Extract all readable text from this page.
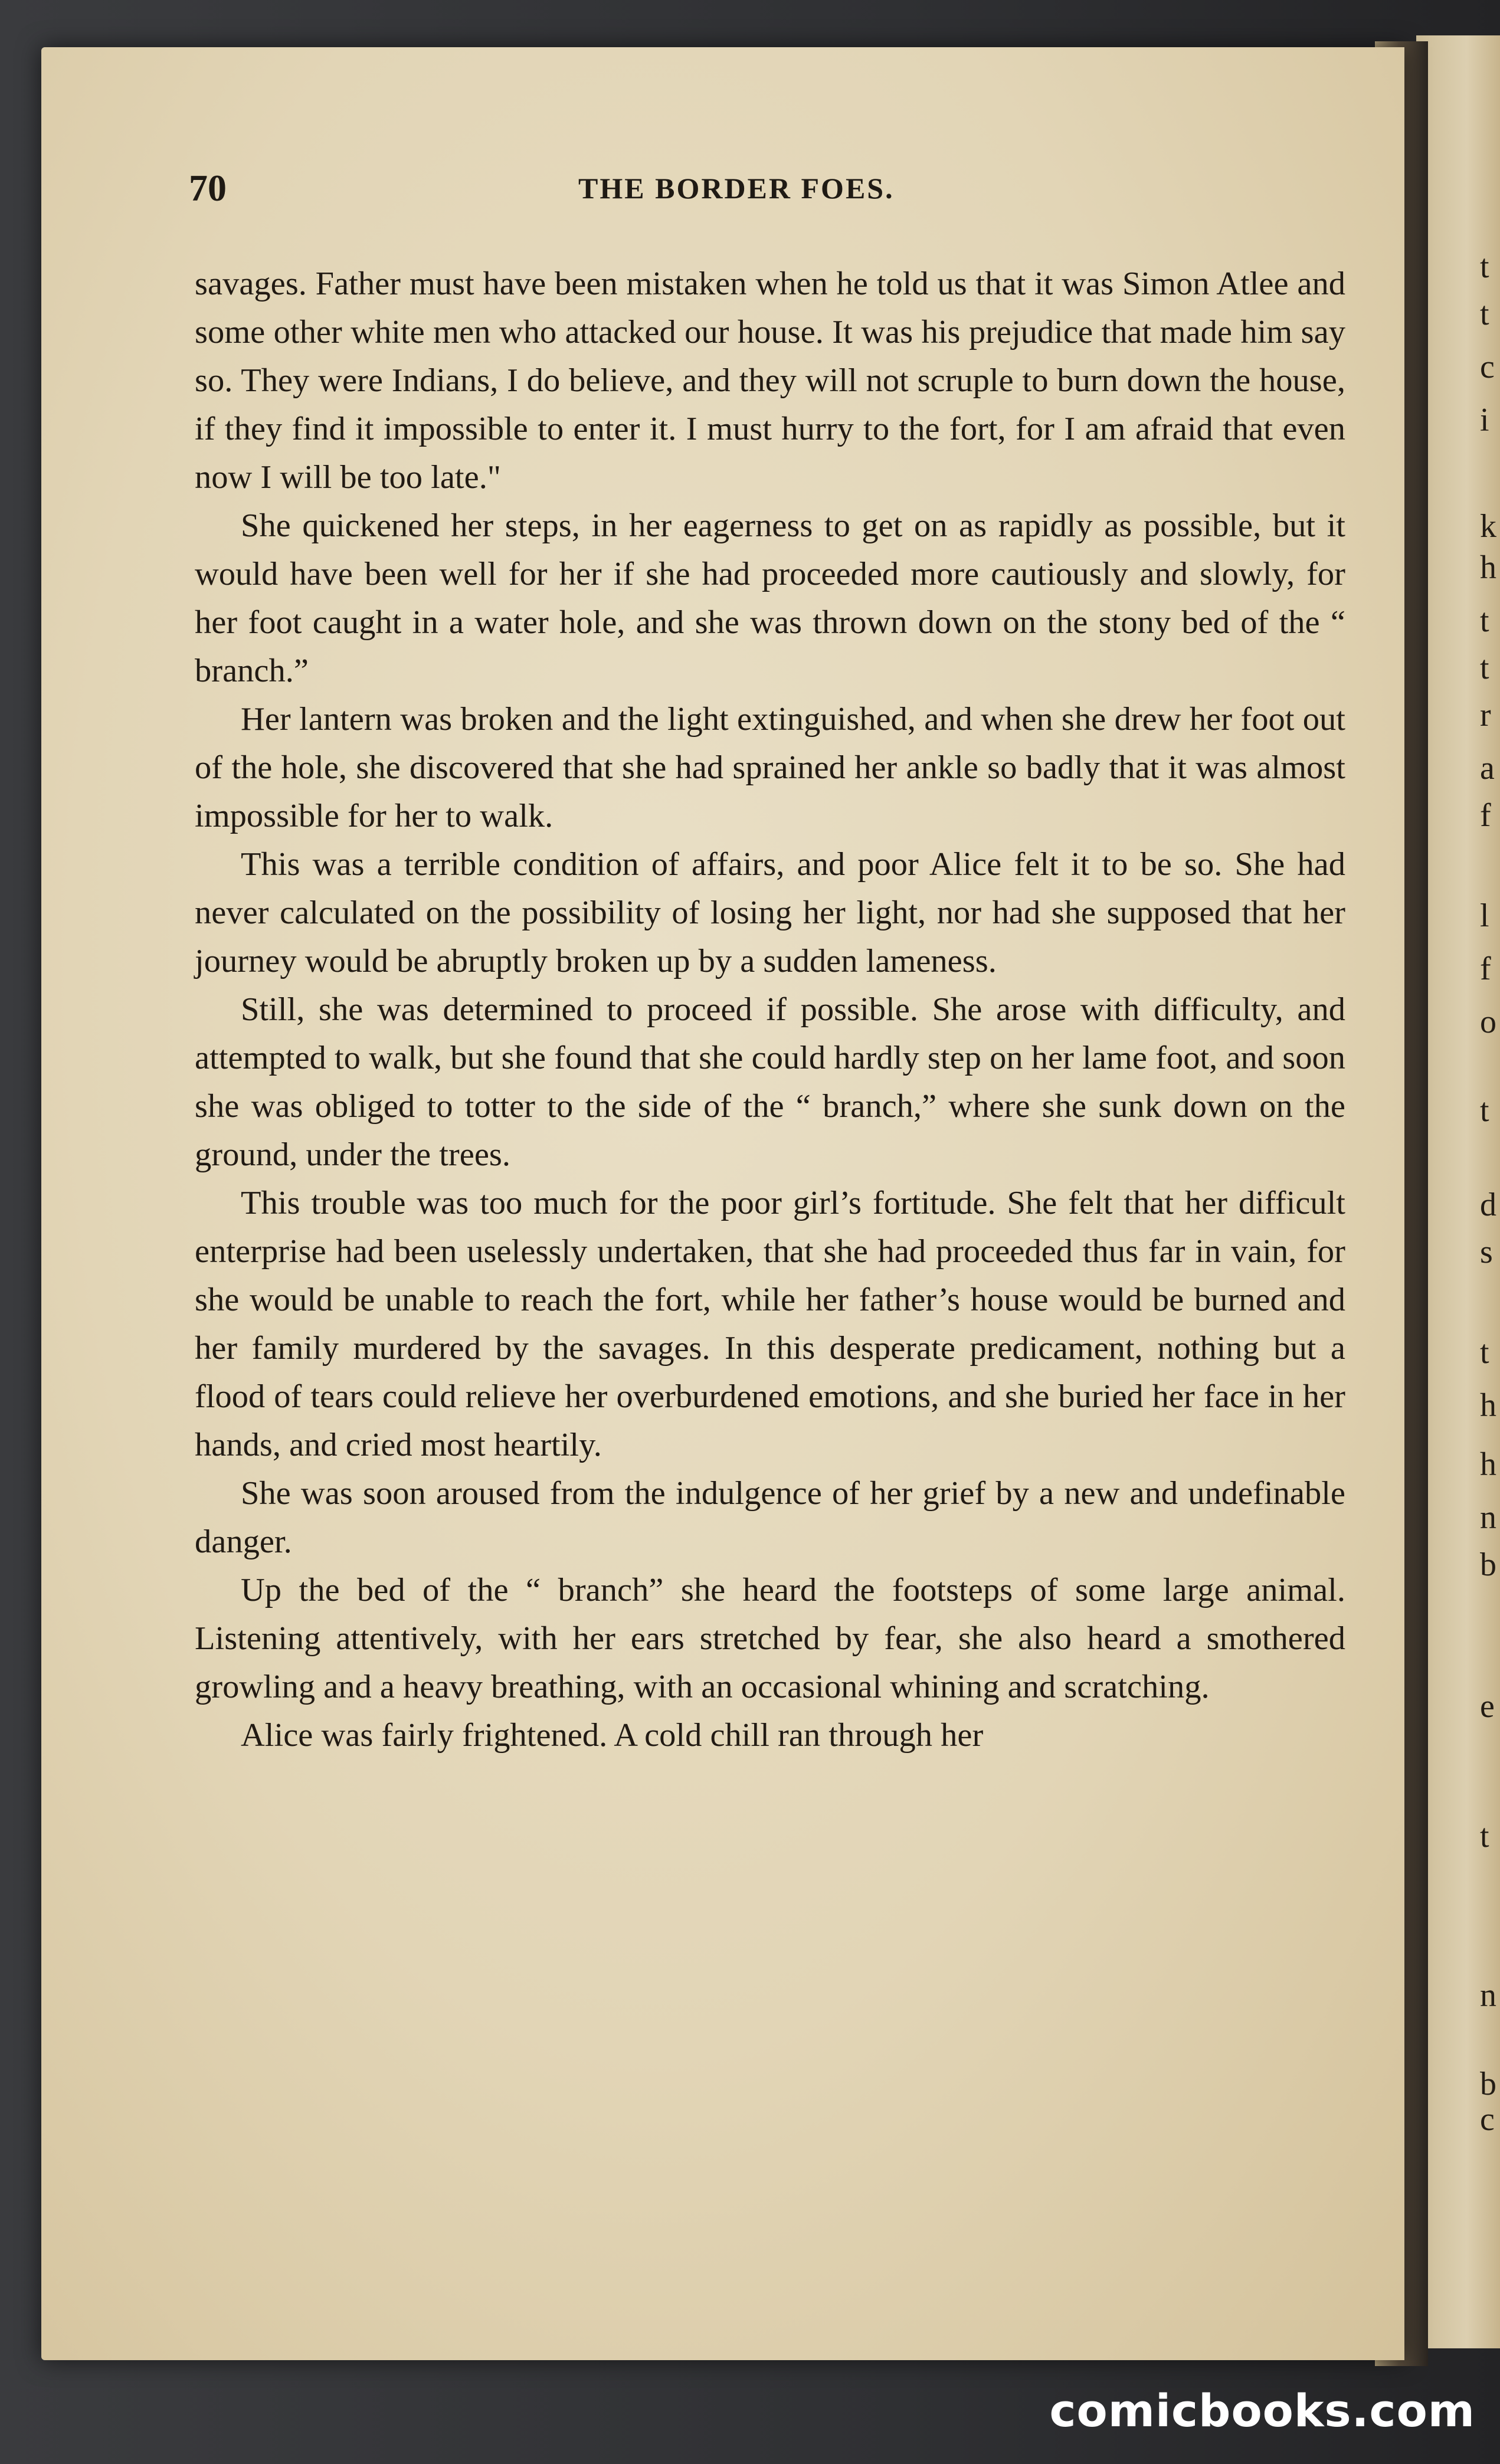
t
t
c
i
k
h
t
t
r
a
f
l
f
o
t
d
s
t
h
h
n
b
e
t
n
b
c
70	THE BORDER FOES.

savages. Father must have been mistaken when he told us that it was Simon Atlee and some other white men who attacked our house. It was his prejudice that made him say so. They were Indians, I do believe, and they will not scruple to burn down the house, if they find it impossible to enter it. I must hurry to the fort, for I am afraid that even now I will be too late."

She quickened her steps, in her eagerness to get on as rapidly as possible, but it would have been well for her if she had proceeded more cautiously and slowly, for her foot caught in a water hole, and she was thrown down on the stony bed of the “ branch.”

Her lantern was broken and the light extinguished, and when she drew her foot out of the hole, she discovered that she had sprained her ankle so badly that it was almost impossible for her to walk.

This was a terrible condition of affairs, and poor Alice felt it to be so. She had never calculated on the possibility of losing her light, nor had she supposed that her journey would be abruptly broken up by a sudden lameness.

Still, she was determined to proceed if possible. She arose with difficulty, and attempted to walk, but she found that she could hardly step on her lame foot, and soon she was obliged to totter to the side of the “ branch,” where she sunk down on the ground, under the trees.

This trouble was too much for the poor girl’s fortitude. She felt that her difficult enterprise had been uselessly undertaken, that she had proceeded thus far in vain, for she would be unable to reach the fort, while her father’s house would be burned and her family murdered by the savages. In this desperate predicament, nothing but a flood of tears could relieve her overburdened emotions, and she buried her face in her hands, and cried most heartily.

She was soon aroused from the indulgence of her grief by a new and undefinable danger.

Up the bed of the “ branch” she heard the footsteps of some large animal. Listening attentively, with her ears stretched by fear, she also heard a smothered growling and a heavy breathing, with an occasional whining and scratching.

Alice was fairly frightened. A cold chill ran through her

comicbooks.com
